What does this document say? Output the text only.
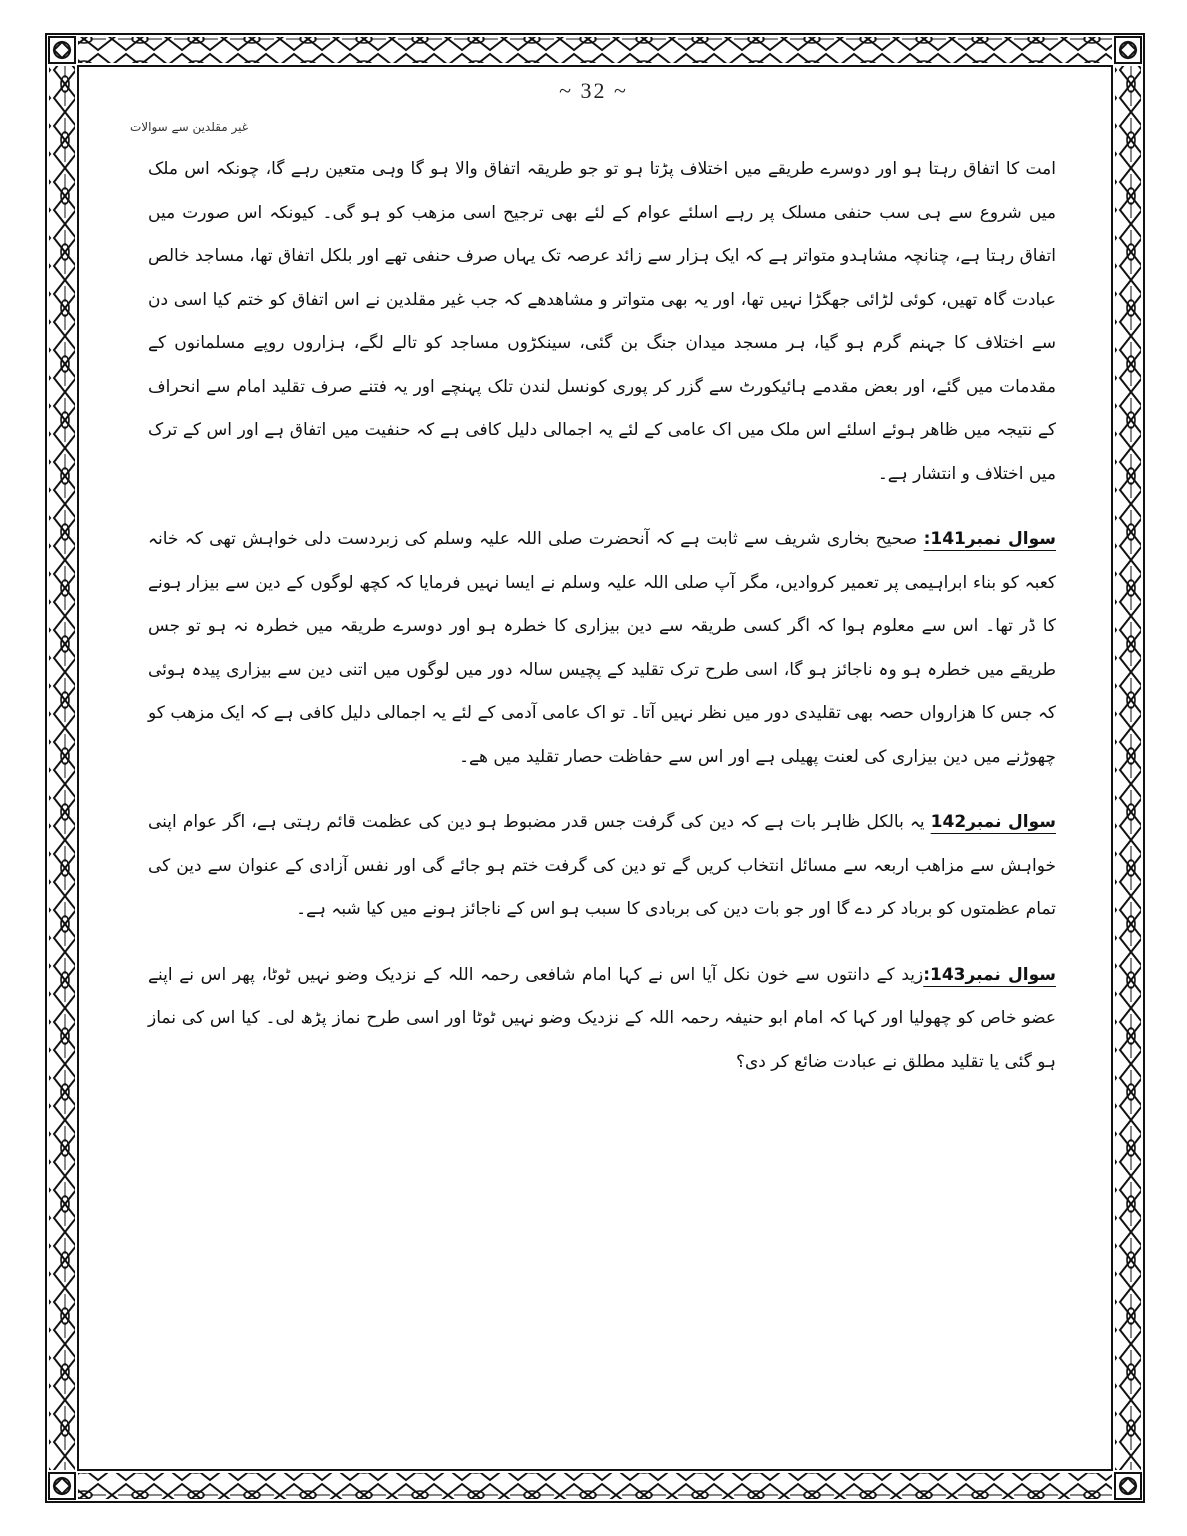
~ 32 ~
غیر مقلدین سے سوالات

امت کا اتفاق رہتا ہو اور دوسرے طریقے میں اختلاف پڑتا ہو تو جو طریقہ اتفاق والا ہو گا وہی متعین رہے گا، چونکہ اس ملک میں شروع سے ہی سب حنفی مسلک پر رہے اسلئے عوام کے لئے بھی ترجیح اسی مزھب کو ہو گی۔ کیونکہ اس صورت میں اتفاق رہتا ہے، چنانچہ مشاہدو متواتر ہے کہ ایک ہزار سے زائد عرصہ تک یہاں صرف حنفی تھے اور بلکل اتفاق تھا، مساجد خالص عبادت گاہ تھیں، کوئی لڑائی جھگڑا نہیں تھا، اور یہ بھی متواتر و مشاھدھے کہ جب غیر مقلدین نے اس اتفاق کو ختم کیا اسی دن سے اختلاف کا جہنم گرم ہو گیا، ہر مسجد میدان جنگ بن گئی، سینکڑوں مساجد کو تالے لگے، ہزاروں روپے مسلمانوں کے مقدمات میں گئے، اور بعض مقدمے ہائیکورٹ سے گزر کر پوری کونسل لندن تلک پہنچے اور یہ فتنے صرف تقلید امام سے انحراف کے نتیجہ میں ظاھر ہوئے اسلئے اس ملک میں اک عامی کے لئے یہ اجمالی دلیل کافی ہے کہ حنفیت میں اتفاق ہے اور اس کے ترک میں اختلاف و انتشار ہے۔

سوال نمبر141: صحیح بخاری شریف سے ثابت ہے کہ آنحضرت صلی اللہ علیہ وسلم کی زبردست دلی خواہش تھی کہ خانہ کعبہ کو بناء ابراہیمی پر تعمیر کروادیں، مگر آپ صلی اللہ علیہ وسلم نے ایسا نہیں فرمایا کہ کچھ لوگوں کے دین سے بیزار ہونے کا ڈر تھا۔ اس سے معلوم ہوا کہ اگر کسی طریقہ سے دین بیزاری کا خطرہ ہو اور دوسرے طریقہ میں خطرہ نہ ہو تو جس طریقے میں خطرہ ہو وہ ناجائز ہو گا، اسی طرح ترک تقلید کے پچیس سالہ دور میں لوگوں میں اتنی دین سے بیزاری پیدہ ہوئی کہ جس کا ھزارواں حصہ بھی تقلیدی دور میں نظر نہیں آتا۔ تو اک عامی آدمی کے لئے یہ اجمالی دلیل کافی ہے کہ ایک مزھب کو چھوڑنے میں دین بیزاری کی لعنت پھیلی ہے اور اس سے حفاظت حصار تقلید میں ھے۔

سوال نمبر142 یہ بالکل ظاہر بات ہے کہ دین کی گرفت جس قدر مضبوط ہو دین کی عظمت قائم رہتی ہے، اگر عوام اپنی خواہش سے مزاھب اربعہ سے مسائل انتخاب کریں گے تو دین کی گرفت ختم ہو جائے گی اور نفس آزادی کے عنوان سے دین کی تمام عظمتوں کو برباد کر دے گا اور جو بات دین کی بربادی کا سبب ہو اس کے ناجائز ہونے میں کیا شبہ ہے۔

سوال نمبر143:زید کے دانتوں سے خون نکل آیا اس نے کہا امام شافعی رحمہ اللہ کے نزدیک وضو نہیں ٹوٹا، پھر اس نے اپنے عضو خاص کو چھولیا اور کہا کہ امام ابو حنیفہ رحمہ اللہ کے نزدیک وضو نہیں ٹوٹا اور اسی طرح نماز پڑھ لی۔ کیا اس کی نماز ہو گئی یا تقلید مطلق نے عبادت ضائع کر دی؟
